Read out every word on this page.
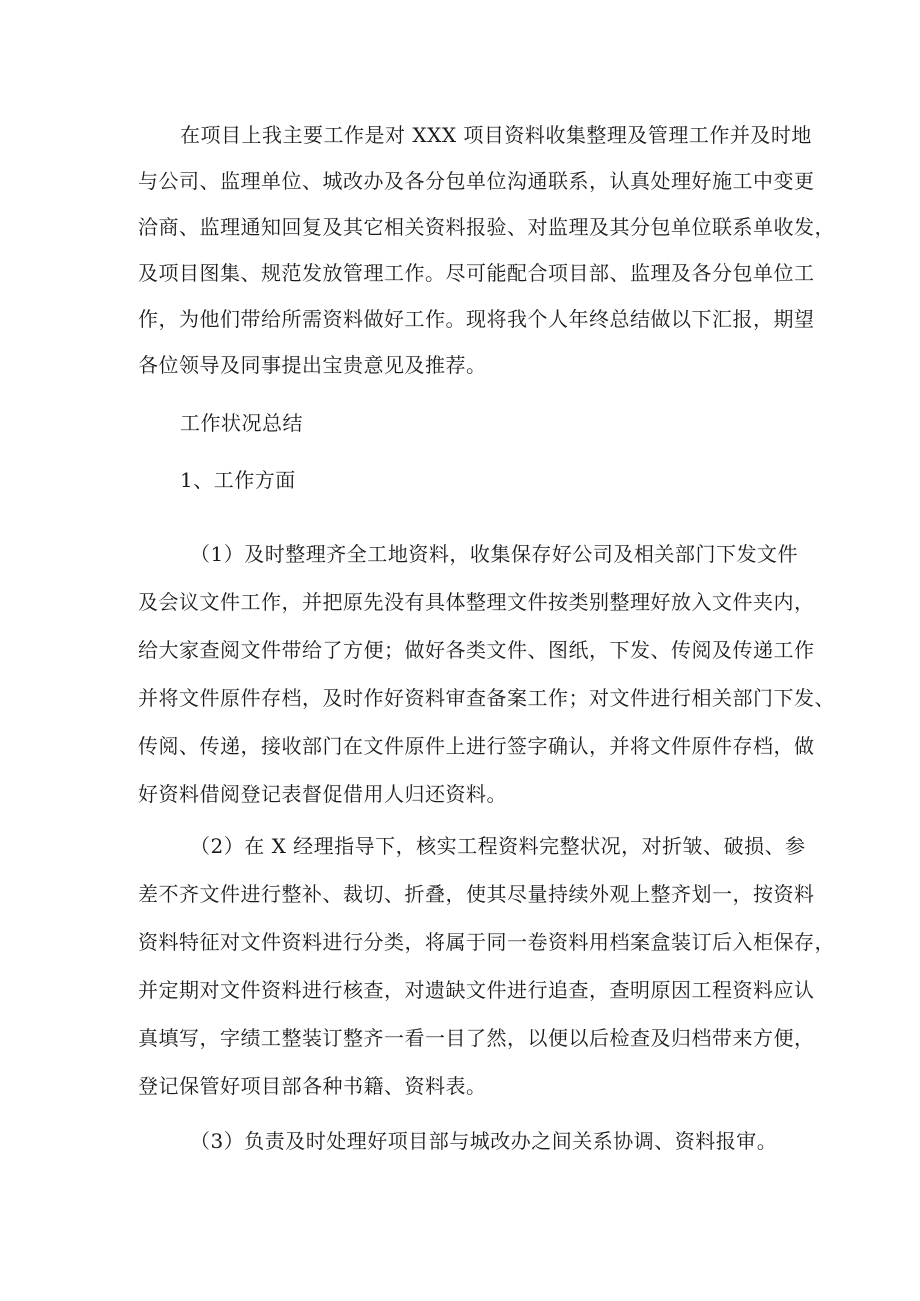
在项目上我主要工作是对 XXX 项目资料收集整理及管理工作并及时地
与公司、监理单位、城改办及各分包单位沟通联系，认真处理好施工中变更
洽商、监理通知回复及其它相关资料报验、对监理及其分包单位联系单收发，
及项目图集、规范发放管理工作。尽可能配合项目部、监理及各分包单位工
作，为他们带给所需资料做好工作。现将我个人年终总结做以下汇报，期望
各位领导及同事提出宝贵意见及推荐。
工作状况总结
1、工作方面
（1）及时整理齐全工地资料，收集保存好公司及相关部门下发文件
及会议文件工作，并把原先没有具体整理文件按类别整理好放入文件夹内，
给大家查阅文件带给了方便；做好各类文件、图纸，下发、传阅及传递工作
并将文件原件存档，及时作好资料审查备案工作；对文件进行相关部门下发、
传阅、传递，接收部门在文件原件上进行签字确认，并将文件原件存档，做
好资料借阅登记表督促借用人归还资料。
（2）在 X 经理指导下，核实工程资料完整状况，对折皱、破损、参
差不齐文件进行整补、裁切、折叠，使其尽量持续外观上整齐划一，按资料
资料特征对文件资料进行分类，将属于同一卷资料用档案盒装订后入柜保存，
并定期对文件资料进行核查，对遗缺文件进行追查，查明原因工程资料应认
真填写，字绩工整装订整齐一看一目了然，以便以后检查及归档带来方便，
登记保管好项目部各种书籍、资料表。
（3）负责及时处理好项目部与城改办之间关系协调、资料报审。
